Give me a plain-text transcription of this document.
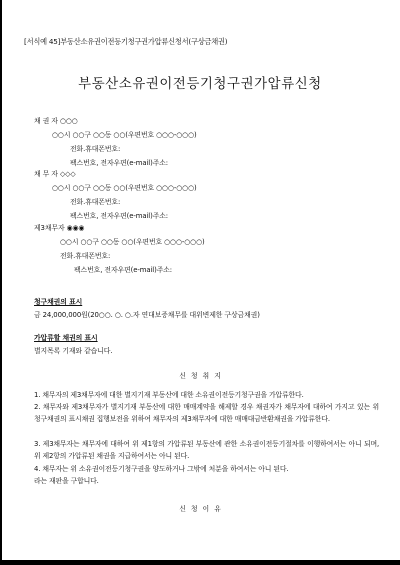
[서식예 45]부동산소유권이전등기청구권가압류신청서(구상금채권)
부동산소유권이전등기청구권가압류신청
채 권 자 ○○○
○○시 ○○구 ○○동 ○○(우편번호 ○○○-○○○)
전화.휴대폰번호:
팩스번호, 전자우편(e-mail)주소:
채 무 자 ◇◇◇
○○시 ○○구 ○○동 ○○(우편번호 ○○○-○○○)
전화.휴대폰번호:
팩스번호, 전자우편(e-mail)주소:
제3채무자 ◉◉◉
○○시 ○○구 ○○동 ○○(우편번호 ○○○-○○○)
전화.휴대폰번호:
팩스번호, 전자우편(e-mail)주소:
청구채권의 표시
금 24,000,000원(20○○. ○. ○.자 연대보증채무를 대위변제한 구상금채권)
가압류할 채권의 표시
별지목록 기재와 같습니다.
신 청 취 지
1. 채무자의 제3채무자에 대한 별지기재 부동산에 대한 소유권이전등기청구권을 가압류한다.
2. 채무자와 제3채무자가 별지기재 부동산에 대한 매매계약을 해제할 경우 채권자가 채무자에 대하여 가지고 있는 위 청구채권의 표시채권 집행보전을 위하여 채무자의 제3채무자에 대한 매매대금반환채권을 가압류한다.
3. 제3채무자는 채무자에 대하여 위 제1항의 가압류된 부동산에 관한 소유권이전등기절차를 이행하여서는 아니 되며, 위 제2항의 가압류된 채권을 지급하여서는 아니 된다.
4. 채무자는 위 소유권이전등기청구권을 양도하거나 그밖에 처분을 하여서는 아니 된다.
라는 재판을 구합니다.
신 청 이 유
